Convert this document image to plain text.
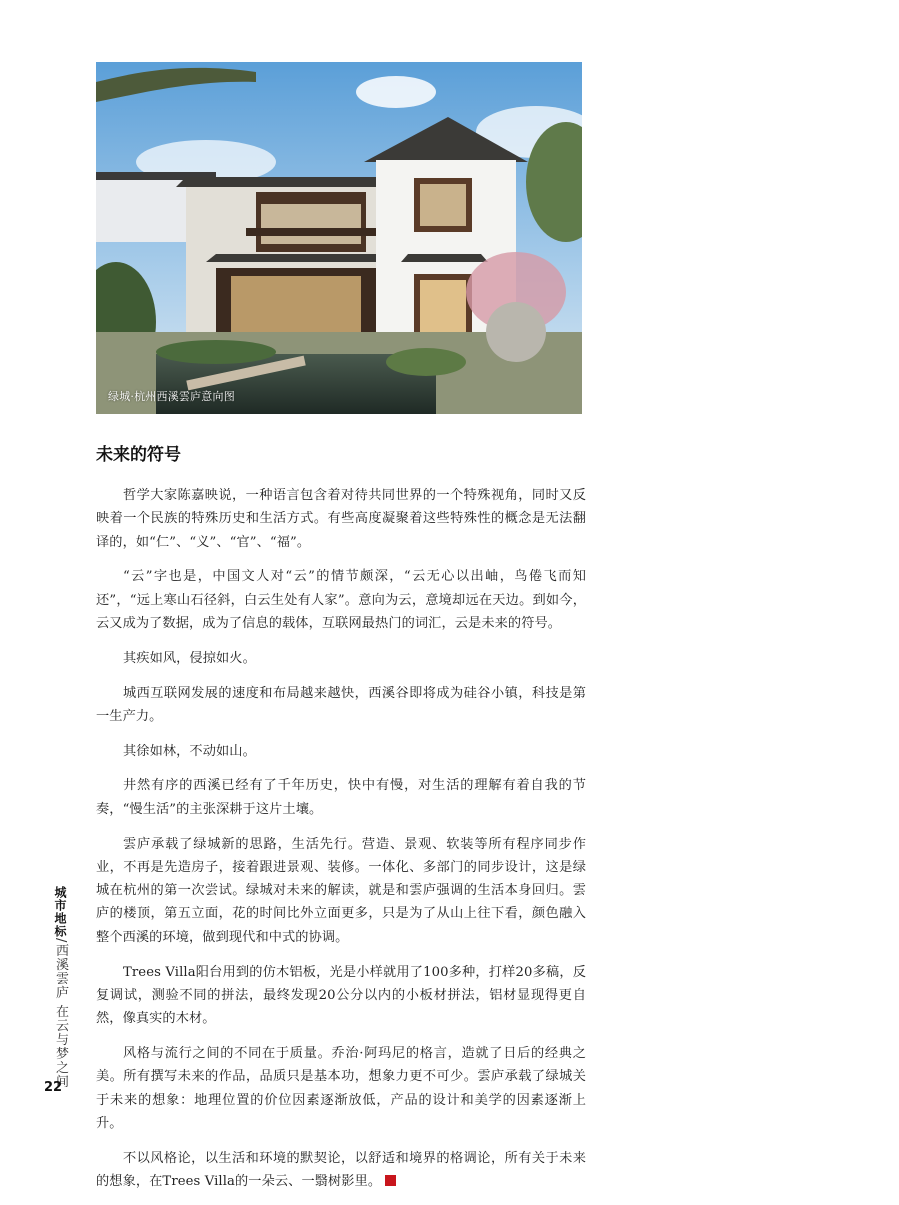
绿城·杭州西溪雲庐意向图
未来的符号

哲学大家陈嘉映说，一种语言包含着对待共同世界的一个特殊视角，同时又反映着一个民族的特殊历史和生活方式。有些高度凝聚着这些特殊性的概念是无法翻译的，如“仁”、“义”、“官”、“福”。

“云”字也是，中国文人对“云”的情节颇深，“云无心以出岫，鸟倦飞而知还”，“远上寒山石径斜，白云生处有人家”。意向为云，意境却远在天边。到如今，云又成为了数据，成为了信息的载体，互联网最热门的词汇，云是未来的符号。

其疾如风，侵掠如火。

城西互联网发展的速度和布局越来越快，西溪谷即将成为硅谷小镇，科技是第一生产力。

其徐如林，不动如山。

井然有序的西溪已经有了千年历史，快中有慢，对生活的理解有着自我的节奏，“慢生活”的主张深耕于这片土壤。

雲庐承载了绿城新的思路，生活先行。营造、景观、软装等所有程序同步作业，不再是先造房子，接着跟进景观、装修。一体化、多部门的同步设计，这是绿城在杭州的第一次尝试。绿城对未来的解读，就是和雲庐强调的生活本身回归。雲庐的楼顶，第五立面，花的时间比外立面更多，只是为了从山上往下看，颜色融入整个西溪的环境，做到现代和中式的协调。

Trees Villa阳台用到的仿木铝板，光是小样就用了100多种，打样20多稿，反复调试，测验不同的拼法，最终发现20公分以内的小板材拼法，铝材显现得更自然，像真实的木材。

风格与流行之间的不同在于质量。乔治·阿玛尼的格言，造就了日后的经典之美。所有撰写未来的作品，品质只是基本功，想象力更不可少。雲庐承载了绿城关于未来的想象：地理位置的价位因素逐渐放低，产品的设计和美学的因素逐渐上升。

不以风格论，以生活和环境的默契论，以舒适和境界的格调论，所有关于未来的想象，在Trees Villa的一朵云、一翳树影里。

城市地标/西溪雲庐 在云与梦之间
22
